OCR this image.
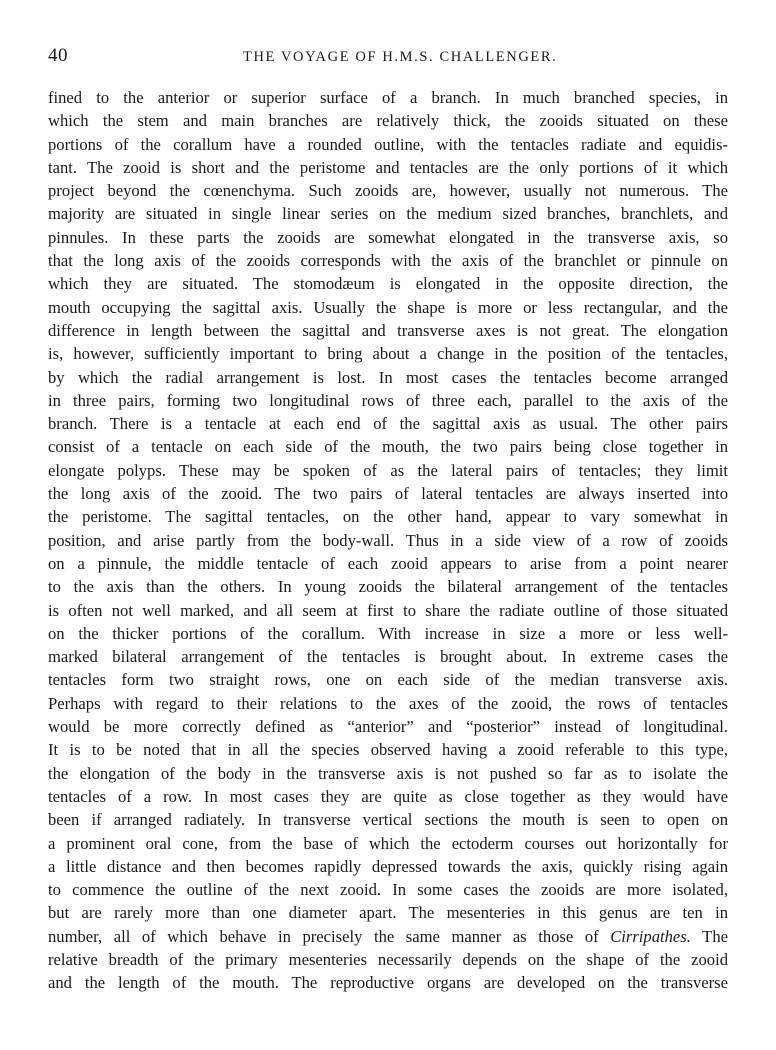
40	THE VOYAGE OF H.M.S. CHALLENGER.
fined to the anterior or superior surface of a branch. In much branched species, in
which the stem and main branches are relatively thick, the zooids situated on these
portions of the corallum have a rounded outline, with the tentacles radiate and equidis-
tant. The zooid is short and the peristome and tentacles are the only portions of it which
project beyond the cœnenchyma. Such zooids are, however, usually not numerous. The
majority are situated in single linear series on the medium sized branches, branchlets, and
pinnules. In these parts the zooids are somewhat elongated in the transverse axis, so
that the long axis of the zooids corresponds with the axis of the branchlet or pinnule on
which they are situated. The stomodæum is elongated in the opposite direction, the
mouth occupying the sagittal axis. Usually the shape is more or less rectangular, and the
difference in length between the sagittal and transverse axes is not great. The elongation
is, however, sufficiently important to bring about a change in the position of the tentacles,
by which the radial arrangement is lost. In most cases the tentacles become arranged
in three pairs, forming two longitudinal rows of three each, parallel to the axis of the
branch. There is a tentacle at each end of the sagittal axis as usual. The other pairs
consist of a tentacle on each side of the mouth, the two pairs being close together in
elongate polyps. These may be spoken of as the lateral pairs of tentacles; they limit
the long axis of the zooid. The two pairs of lateral tentacles are always inserted into
the peristome. The sagittal tentacles, on the other hand, appear to vary somewhat in
position, and arise partly from the body-wall. Thus in a side view of a row of zooids
on a pinnule, the middle tentacle of each zooid appears to arise from a point nearer
to the axis than the others. In young zooids the bilateral arrangement of the tentacles
is often not well marked, and all seem at first to share the radiate outline of those situated
on the thicker portions of the corallum. With increase in size a more or less well-
marked bilateral arrangement of the tentacles is brought about. In extreme cases the
tentacles form two straight rows, one on each side of the median transverse axis.
Perhaps with regard to their relations to the axes of the zooid, the rows of tentacles
would be more correctly defined as “anterior” and “posterior” instead of longitudinal.
It is to be noted that in all the species observed having a zooid referable to this type,
the elongation of the body in the transverse axis is not pushed so far as to isolate the
tentacles of a row. In most cases they are quite as close together as they would have
been if arranged radiately. In transverse vertical sections the mouth is seen to open on
a prominent oral cone, from the base of which the ectoderm courses out horizontally for
a little distance and then becomes rapidly depressed towards the axis, quickly rising again
to commence the outline of the next zooid. In some cases the zooids are more isolated,
but are rarely more than one diameter apart. The mesenteries in this genus are ten in
number, all of which behave in precisely the same manner as those of Cirripathes. The
relative breadth of the primary mesenteries necessarily depends on the shape of the zooid
and the length of the mouth. The reproductive organs are developed on the transverse
